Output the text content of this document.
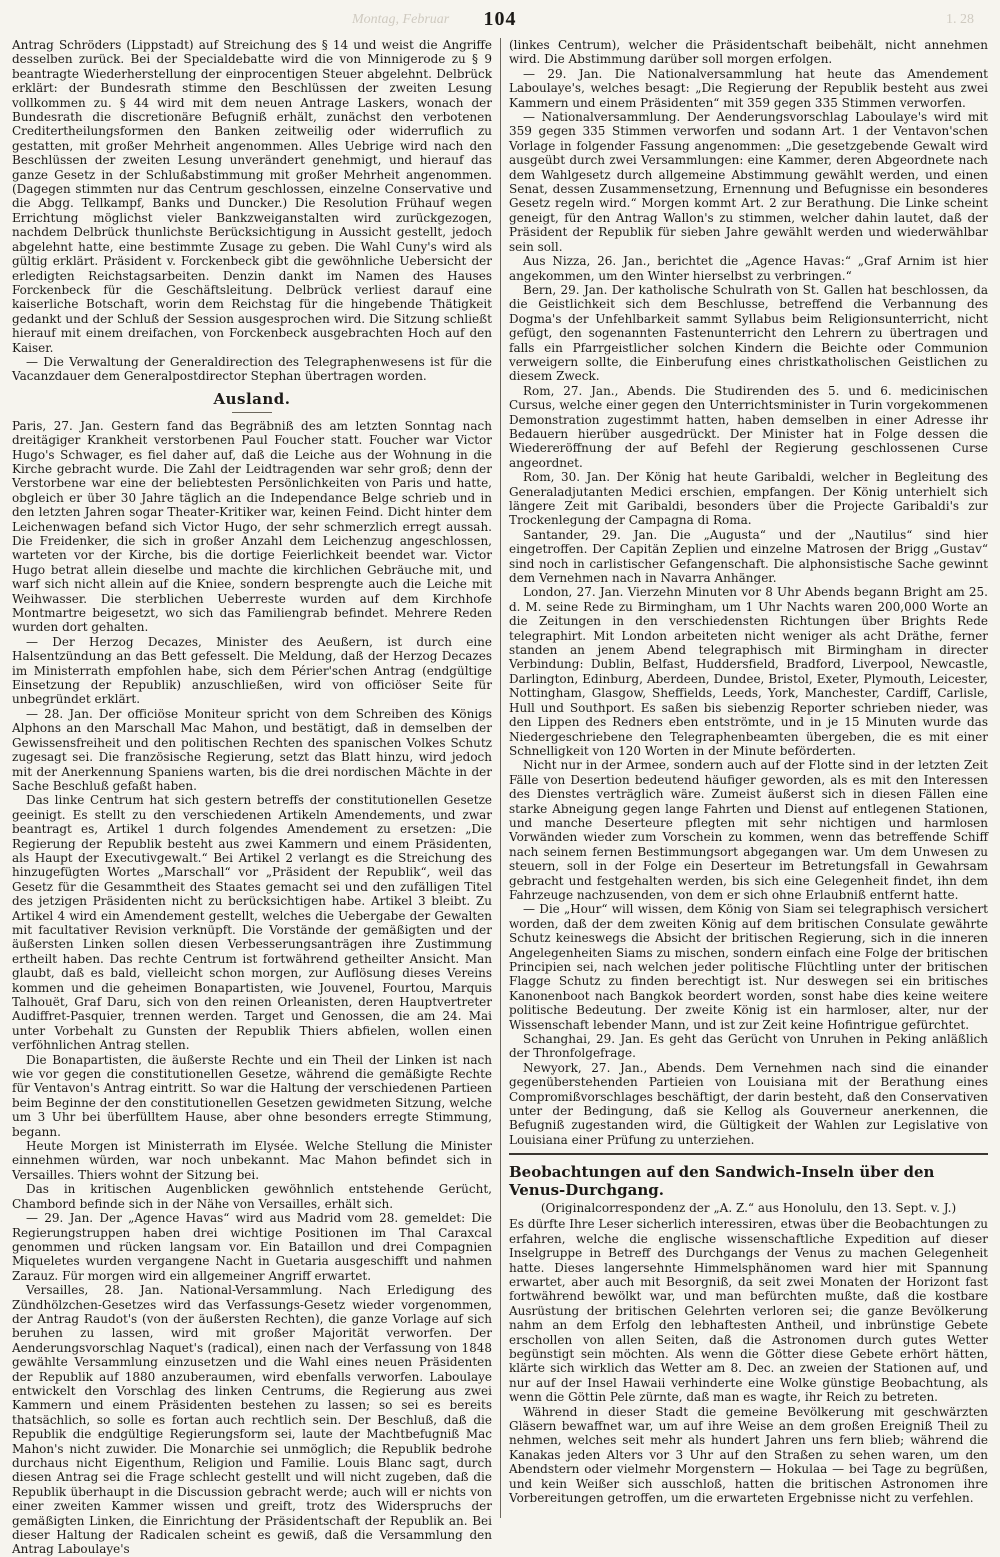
Montag, Februar 104	1. 28

Antrag Schröders (Lippstadt) auf Streichung des § 14 und weist die Angriffe desselben zurück. Bei der Specialdebatte wird die von Minnigerode zu § 9 beantragte Wiederherstellung der einprocentigen Steuer abgelehnt. Delbrück erklärt: der Bundesrath stimme den Beschlüssen der zweiten Lesung vollkommen zu. § 44 wird mit dem neuen Antrage Laskers, wonach der Bundesrath die discretionäre Befugniß erhält, zunächst den verbotenen Creditertheilungsformen den Banken zeitweilig oder widerruflich zu gestatten, mit großer Mehrheit angenommen. Alles Uebrige wird nach den Beschlüssen der zweiten Lesung unverändert genehmigt, und hierauf das ganze Gesetz in der Schlußabstimmung mit großer Mehrheit angenommen. (Dagegen stimmten nur das Centrum geschlossen, einzelne Conservative und die Abgg. Tellkampf, Banks und Duncker.) Die Resolution Frühauf wegen Errichtung möglichst vieler Bankzweiganstalten wird zurückgezogen, nachdem Delbrück thunlichste Berücksichtigung in Aussicht gestellt, jedoch abgelehnt hatte, eine bestimmte Zusage zu geben. Die Wahl Cuny's wird als gültig erklärt. Präsident v. Forckenbeck gibt die gewöhnliche Uebersicht der erledigten Reichstagsarbeiten. Denzin dankt im Namen des Hauses Forckenbeck für die Geschäftsleitung. Delbrück verliest darauf eine kaiserliche Botschaft, worin dem Reichstag für die hingebende Thätigkeit gedankt und der Schluß der Session ausgesprochen wird. Die Sitzung schließt hierauf mit einem dreifachen, von Forckenbeck ausgebrachten Hoch auf den Kaiser.

— Die Verwaltung der Generaldirection des Telegraphenwesens ist für die Vacanzdauer dem Generalpostdirector Stephan übertragen worden.

Ausland.

Paris, 27. Jan. Gestern fand das Begräbniß des am letzten Sonntag nach dreitägiger Krankheit verstorbenen Paul Foucher statt. Foucher war Victor Hugo's Schwager, es fiel daher auf, daß die Leiche aus der Wohnung in die Kirche gebracht wurde. Die Zahl der Leidtragenden war sehr groß; denn der Verstorbene war eine der beliebtesten Persönlichkeiten von Paris und hatte, obgleich er über 30 Jahre täglich an die Independance Belge schrieb und in den letzten Jahren sogar Theater-Kritiker war, keinen Feind. Dicht hinter dem Leichenwagen befand sich Victor Hugo, der sehr schmerzlich erregt aussah. Die Freidenker, die sich in großer Anzahl dem Leichenzug angeschlossen, warteten vor der Kirche, bis die dortige Feierlichkeit beendet war. Victor Hugo betrat allein dieselbe und machte die kirchlichen Gebräuche mit, und warf sich nicht allein auf die Kniee, sondern besprengte auch die Leiche mit Weihwasser. Die sterblichen Ueberreste wurden auf dem Kirchhofe Montmartre beigesetzt, wo sich das Familiengrab befindet. Mehrere Reden wurden dort gehalten.

— Der Herzog Decazes, Minister des Aeußern, ist durch eine Halsentzündung an das Bett gefesselt. Die Meldung, daß der Herzog Decazes im Ministerrath empfohlen habe, sich dem Périer'schen Antrag (endgültige Einsetzung der Republik) anzuschließen, wird von officiöser Seite für unbegründet erklärt.

— 28. Jan. Der officiöse Moniteur spricht von dem Schreiben des Königs Alphons an den Marschall Mac Mahon, und bestätigt, daß in demselben der Gewissensfreiheit und den politischen Rechten des spanischen Volkes Schutz zugesagt sei. Die französische Regierung, setzt das Blatt hinzu, wird jedoch mit der Anerkennung Spaniens warten, bis die drei nordischen Mächte in der Sache Beschluß gefaßt haben.

Das linke Centrum hat sich gestern betreffs der constitutionellen Gesetze geeinigt. Es stellt zu den verschiedenen Artikeln Amendements, und zwar beantragt es, Artikel 1 durch folgendes Amendement zu ersetzen: „Die Regierung der Republik besteht aus zwei Kammern und einem Präsidenten, als Haupt der Executivgewalt.“ Bei Artikel 2 verlangt es die Streichung des hinzugefügten Wortes „Marschall“ vor „Präsident der Republik“, weil das Gesetz für die Gesammtheit des Staates gemacht sei und den zufälligen Titel des jetzigen Präsidenten nicht zu berücksichtigen habe. Artikel 3 bleibt. Zu Artikel 4 wird ein Amendement gestellt, welches die Uebergabe der Gewalten mit facultativer Revision verknüpft. Die Vorstände der gemäßigten und der äußersten Linken sollen diesen Verbesserungsanträgen ihre Zustimmung ertheilt haben. Das rechte Centrum ist fortwährend getheilter Ansicht. Man glaubt, daß es bald, vielleicht schon morgen, zur Auflösung dieses Vereins kommen und die geheimen Bonapartisten, wie Jouvenel, Fourtou, Marquis Talhouët, Graf Daru, sich von den reinen Orleanisten, deren Hauptvertreter Audiffret-Pasquier, trennen werden. Target und Genossen, die am 24. Mai unter Vorbehalt zu Gunsten der Republik Thiers abfielen, wollen einen verföhnlichen Antrag stellen.

Die Bonapartisten, die äußerste Rechte und ein Theil der Linken ist nach wie vor gegen die constitutionellen Gesetze, während die gemäßigte Rechte für Ventavon's Antrag eintritt. So war die Haltung der verschiedenen Partieen beim Beginne der den constitutionellen Gesetzen gewidmeten Sitzung, welche um 3 Uhr bei überfülltem Hause, aber ohne besonders erregte Stimmung, begann.

Heute Morgen ist Ministerrath im Elysée. Welche Stellung die Minister einnehmen würden, war noch unbekannt. Mac Mahon befindet sich in Versailles. Thiers wohnt der Sitzung bei.

Das in kritischen Augenblicken gewöhnlich entstehende Gerücht, Chambord befinde sich in der Nähe von Versailles, erhält sich.

— 29. Jan. Der „Agence Havas“ wird aus Madrid vom 28. gemeldet: Die Regierungstruppen haben drei wichtige Positionen im Thal Caraxcal genommen und rücken langsam vor. Ein Bataillon und drei Compagnien Miqueletes wurden vergangene Nacht in Guetaria ausgeschifft und nahmen Zarauz. Für morgen wird ein allgemeiner Angriff erwartet.

Versailles, 28. Jan. National-Versammlung. Nach Erledigung des Zündhölzchen-Gesetzes wird das Verfassungs-Gesetz wieder vorgenommen, der Antrag Raudot's (von der äußersten Rechten), die ganze Vorlage auf sich beruhen zu lassen, wird mit großer Majorität verworfen. Der Aenderungsvorschlag Naquet's (radical), einen nach der Verfassung von 1848 gewählte Versammlung einzusetzen und die Wahl eines neuen Präsidenten der Republik auf 1880 anzuberaumen, wird ebenfalls verworfen. Laboulaye entwickelt den Vorschlag des linken Centrums, die Regierung aus zwei Kammern und einem Präsidenten bestehen zu lassen; so sei es bereits thatsächlich, so solle es fortan auch rechtlich sein. Der Beschluß, daß die Republik die endgültige Regierungsform sei, laute der Machtbefugniß Mac Mahon's nicht zuwider. Die Monarchie sei unmöglich; die Republik bedrohe durchaus nicht Eigenthum, Religion und Familie. Louis Blanc sagt, durch diesen Antrag sei die Frage schlecht gestellt und will nicht zugeben, daß die Republik überhaupt in die Discussion gebracht werde; auch will er nichts von einer zweiten Kammer wissen und greift, trotz des Widerspruchs der gemäßigten Linken, die Einrichtung der Präsidentschaft der Republik an. Bei dieser Haltung der Radicalen scheint es gewiß, daß die Versammlung den Antrag Laboulaye's

(linkes Centrum), welcher die Präsidentschaft beibehält, nicht annehmen wird. Die Abstimmung darüber soll morgen erfolgen.

— 29. Jan. Die Nationalversammlung hat heute das Amendement Laboulaye's, welches besagt: „Die Regierung der Republik besteht aus zwei Kammern und einem Präsidenten“ mit 359 gegen 335 Stimmen verworfen.

— Nationalversammlung. Der Aenderungsvorschlag Laboulaye's wird mit 359 gegen 335 Stimmen verworfen und sodann Art. 1 der Ventavon'schen Vorlage in folgender Fassung angenommen: „Die gesetzgebende Gewalt wird ausgeübt durch zwei Versammlungen: eine Kammer, deren Abgeordnete nach dem Wahlgesetz durch allgemeine Abstimmung gewählt werden, und einen Senat, dessen Zusammensetzung, Ernennung und Befugnisse ein besonderes Gesetz regeln wird.“ Morgen kommt Art. 2 zur Berathung. Die Linke scheint geneigt, für den Antrag Wallon's zu stimmen, welcher dahin lautet, daß der Präsident der Republik für sieben Jahre gewählt werden und wiederwählbar sein soll.

Aus Nizza, 26. Jan., berichtet die „Agence Havas:“ „Graf Arnim ist hier angekommen, um den Winter hierselbst zu verbringen.“

Bern, 29. Jan. Der katholische Schulrath von St. Gallen hat beschlossen, da die Geistlichkeit sich dem Beschlusse, betreffend die Verbannung des Dogma's der Unfehlbarkeit sammt Syllabus beim Religionsunterricht, nicht gefügt, den sogenannten Fastenunterricht den Lehrern zu übertragen und falls ein Pfarrgeistlicher solchen Kindern die Beichte oder Communion verweigern sollte, die Einberufung eines christkatholischen Geistlichen zu diesem Zweck.

Rom, 27. Jan., Abends. Die Studirenden des 5. und 6. medicinischen Cursus, welche einer gegen den Unterrichtsminister in Turin vorgekommenen Demonstration zugestimmt hatten, haben demselben in einer Adresse ihr Bedauern hierüber ausgedrückt. Der Minister hat in Folge dessen die Wiedereröffnung der auf Befehl der Regierung geschlossenen Curse angeordnet.

Rom, 30. Jan. Der König hat heute Garibaldi, welcher in Begleitung des Generaladjutanten Medici erschien, empfangen. Der König unterhielt sich längere Zeit mit Garibaldi, besonders über die Projecte Garibaldi's zur Trockenlegung der Campagna di Roma.

Santander, 29. Jan. Die „Augusta“ und der „Nautilus“ sind hier eingetroffen. Der Capitän Zeplien und einzelne Matrosen der Brigg „Gustav“ sind noch in carlistischer Gefangenschaft. Die alphonsistische Sache gewinnt dem Vernehmen nach in Navarra Anhänger.

London, 27. Jan. Vierzehn Minuten vor 8 Uhr Abends begann Bright am 25. d. M. seine Rede zu Birmingham, um 1 Uhr Nachts waren 200,000 Worte an die Zeitungen in den verschiedensten Richtungen über Brights Rede telegraphirt. Mit London arbeiteten nicht weniger als acht Dräthe, ferner standen an jenem Abend telegraphisch mit Birmingham in directer Verbindung: Dublin, Belfast, Huddersfield, Bradford, Liverpool, Newcastle, Darlington, Edinburg, Aberdeen, Dundee, Bristol, Exeter, Plymouth, Leicester, Nottingham, Glasgow, Sheffields, Leeds, York, Manchester, Cardiff, Carlisle, Hull und Southport. Es saßen bis siebenzig Reporter schrieben nieder, was den Lippen des Redners eben entströmte, und in je 15 Minuten wurde das Niedergeschriebene den Telegraphenbeamten übergeben, die es mit einer Schnelligkeit von 120 Worten in der Minute beförderten.

Nicht nur in der Armee, sondern auch auf der Flotte sind in der letzten Zeit Fälle von Desertion bedeutend häufiger geworden, als es mit den Interessen des Dienstes verträglich wäre. Zumeist äußerst sich in diesen Fällen eine starke Abneigung gegen lange Fahrten und Dienst auf entlegenen Stationen, und manche Deserteure pflegten mit sehr nichtigen und harmlosen Vorwänden wieder zum Vorschein zu kommen, wenn das betreffende Schiff nach seinem fernen Bestimmungsort abgegangen war. Um dem Unwesen zu steuern, soll in der Folge ein Deserteur im Betretungsfall in Gewahrsam gebracht und festgehalten werden, bis sich eine Gelegenheit findet, ihn dem Fahrzeuge nachzusenden, von dem er sich ohne Erlaubniß entfernt hatte.

— Die „Hour“ will wissen, dem König von Siam sei telegraphisch versichert worden, daß der dem zweiten König auf dem britischen Consulate gewährte Schutz keineswegs die Absicht der britischen Regierung, sich in die inneren Angelegenheiten Siams zu mischen, sondern einfach eine Folge der britischen Principien sei, nach welchen jeder politische Flüchtling unter der britischen Flagge Schutz zu finden berechtigt ist. Nur deswegen sei ein britisches Kanonenboot nach Bangkok beordert worden, sonst habe dies keine weitere politische Bedeutung. Der zweite König ist ein harmloser, alter, nur der Wissenschaft lebender Mann, und ist zur Zeit keine Hofintrigue gefürchtet.

Schanghai, 29. Jan. Es geht das Gerücht von Unruhen in Peking anläßlich der Thronfolgefrage.

Newyork, 27. Jan., Abends. Dem Vernehmen nach sind die einander gegenüberstehenden Partieien von Louisiana mit der Berathung eines Compromißvorschlages beschäftigt, der darin besteht, daß den Conservativen unter der Bedingung, daß sie Kellog als Gouverneur anerkennen, die Befugniß zugestanden wird, die Gültigkeit der Wahlen zur Legislative von Louisiana einer Prüfung zu unterziehen.

Beobachtungen auf den Sandwich-Inseln über den Venus-Durchgang.
(Originalcorrespondenz der „A. Z.“ aus Honolulu, den 13. Sept. v. J.)

Es dürfte Ihre Leser sicherlich interessiren, etwas über die Beobachtungen zu erfahren, welche die englische wissenschaftliche Expedition auf dieser Inselgruppe in Betreff des Durchgangs der Venus zu machen Gelegenheit hatte. Dieses langersehnte Himmelsphänomen ward hier mit Spannung erwartet, aber auch mit Besorgniß, da seit zwei Monaten der Horizont fast fortwährend bewölkt war, und man befürchten mußte, daß die kostbare Ausrüstung der britischen Gelehrten verloren sei; die ganze Bevölkerung nahm an dem Erfolg den lebhaftesten Antheil, und inbrünstige Gebete erschollen von allen Seiten, daß die Astronomen durch gutes Wetter begünstigt sein möchten. Als wenn die Götter diese Gebete erhört hätten, klärte sich wirklich das Wetter am 8. Dec. an zweien der Stationen auf, und nur auf der Insel Hawaii verhinderte eine Wolke günstige Beobachtung, als wenn die Göttin Pele zürnte, daß man es wagte, ihr Reich zu betreten.

Während in dieser Stadt die gemeine Bevölkerung mit geschwärzten Gläsern bewaffnet war, um auf ihre Weise an dem großen Ereigniß Theil zu nehmen, welches seit mehr als hundert Jahren uns fern blieb; während die Kanakas jeden Alters vor 3 Uhr auf den Straßen zu sehen waren, um den Abendstern oder vielmehr Morgenstern — Hokulaa — bei Tage zu begrüßen, und kein Weißer sich ausschloß, hatten die britischen Astronomen ihre Vorbereitungen getroffen, um die erwarteten Ergebnisse nicht zu verfehlen.
